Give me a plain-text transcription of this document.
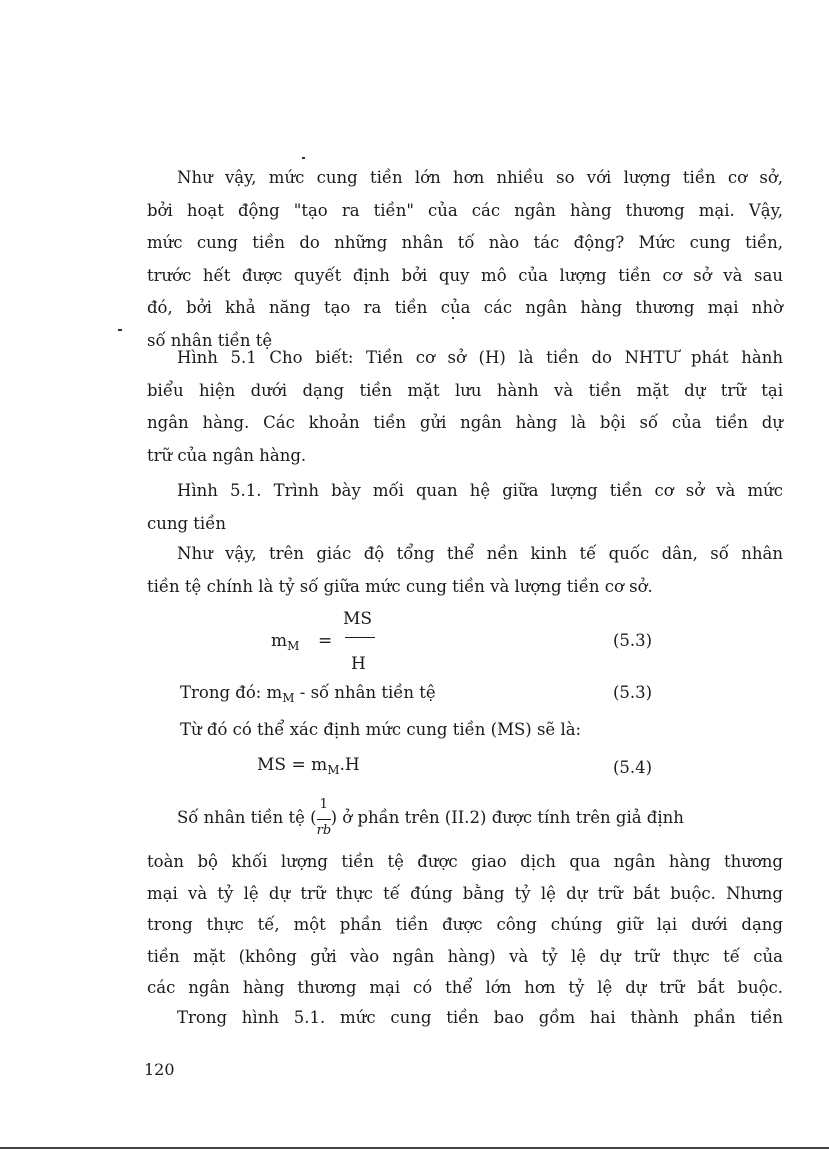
Như vậy, mức cung tiền lớn hơn nhiều so với lượng tiền cơ sở,
bởi hoạt động "tạo ra tiền" của các ngân hàng thương mại. Vậy,
mức cung tiền do những nhân tố nào tác động? Mức cung tiền,
trước hết được quyết định bởi quy mô của lượng tiền cơ sở và sau
đó, bởi khả năng tạo ra tiền của các ngân hàng thương mại nhờ
số nhân tiền tệ
Hình 5.1 Cho biết: Tiền cơ sở (H) là tiền do NHTƯ phát hành
biểu hiện dưới dạng tiền mặt lưu hành và tiền mặt dự trữ tại
ngân hàng. Các khoản tiền gửi ngân hàng là bội số của tiền dự
trữ của ngân hàng.
Hình 5.1. Trình bày mối quan hệ giữa lượng tiền cơ sở và mức
cung tiền
Như vậy, trên giác độ tổng thể nền kinh tế quốc dân, số nhân
tiền tệ chính là tỷ số giữa mức cung tiền và lượng tiền cơ sở.
MS
$m_M$ =
H
(5.3)
Trong đó: $m_M$ - số nhân tiền tệ	(5.3)
Từ đó có thể xác định mức cung tiền (MS) sẽ là:
MS = $m_M.H$	(5.4)
Số nhân tiền tệ ( $\frac{1}{rb}$ ) ở phần trên (II.2) được tính trên giả định
toàn bộ khối lượng tiền tệ được giao dịch qua ngân hàng thương
mại và tỷ lệ dự trữ thực tế đúng bằng tỷ lệ dự trữ bắt buộc. Nhưng
trong thực tế, một phần tiền được công chúng giữ lại dưới dạng
tiền mặt (không gửi vào ngân hàng) và tỷ lệ dự trữ thực tế của
các ngân hàng thương mại có thể lớn hơn tỷ lệ dự trữ bắt buộc.
Trong hình 5.1. mức cung tiền bao gồm hai thành phần tiền
120
